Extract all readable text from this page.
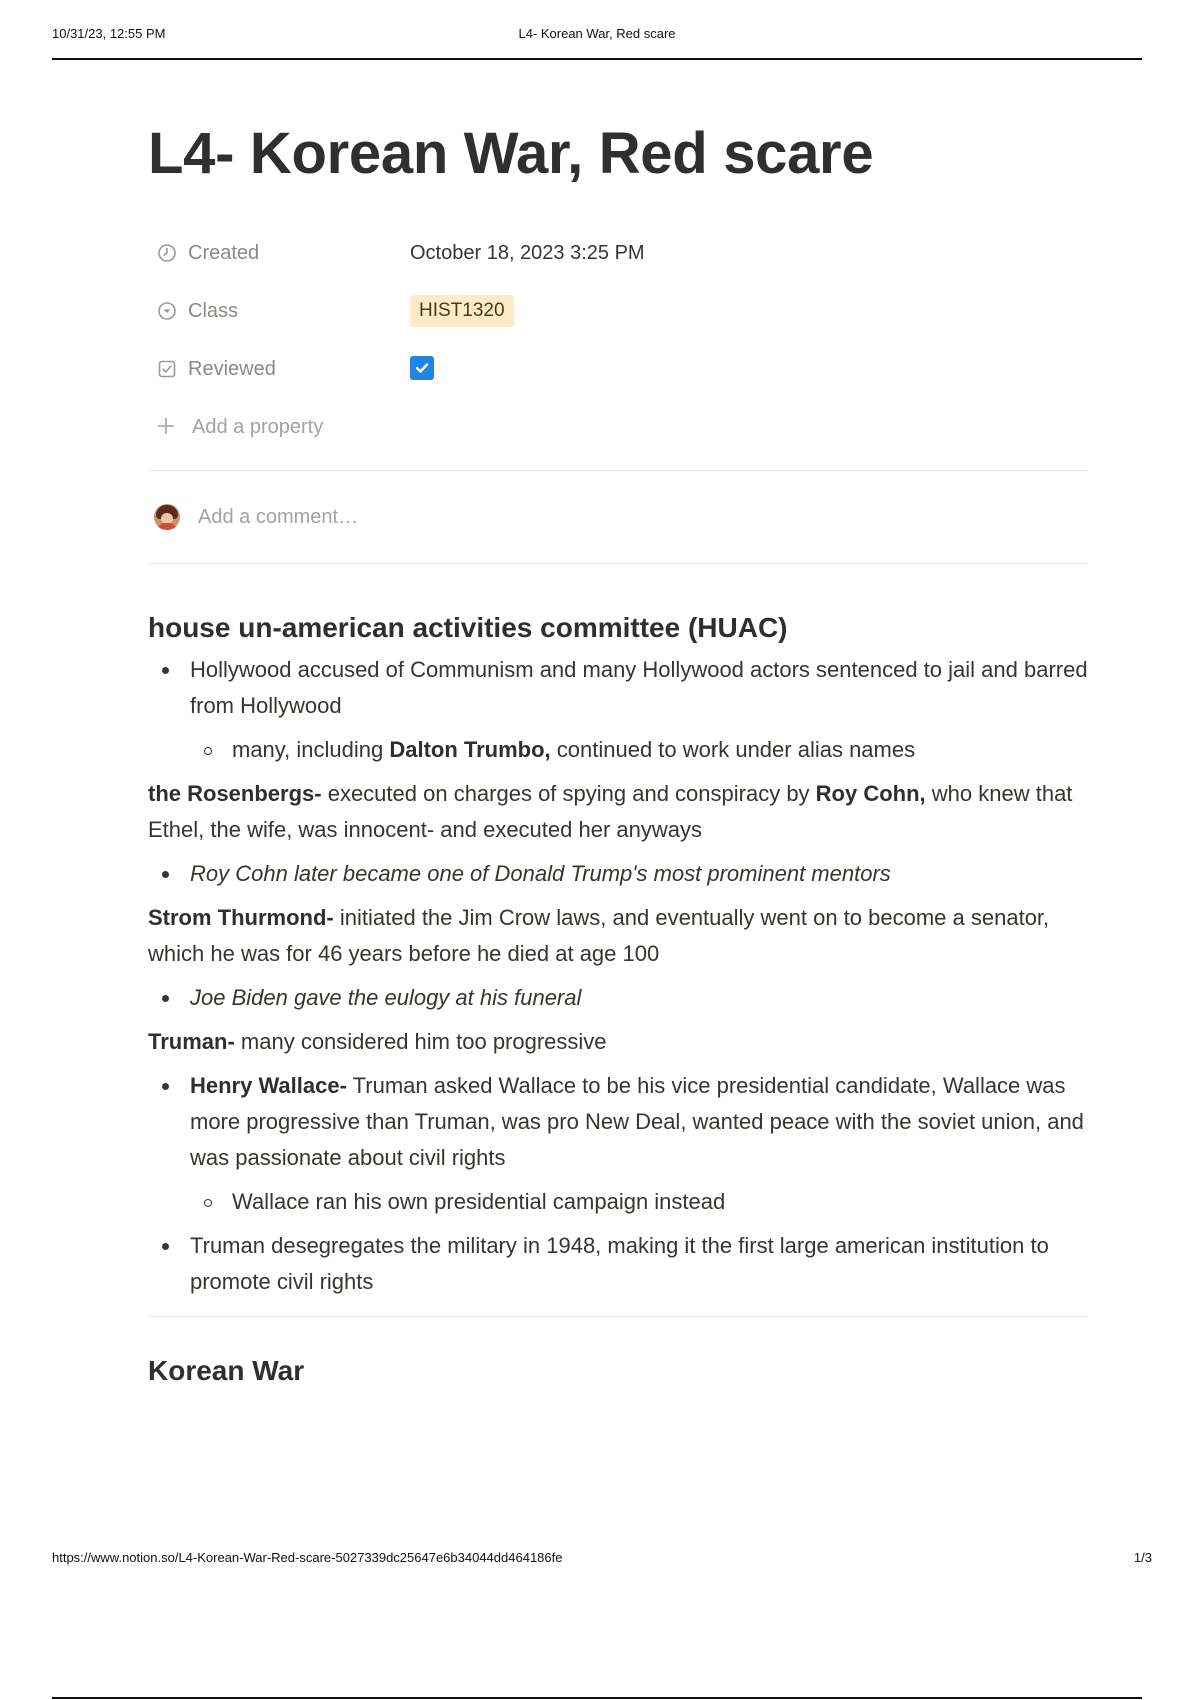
10/31/23, 12:55 PM	L4- Korean War, Red scare
L4- Korean War, Red scare
Created	October 18, 2023 3:25 PM
Class	HIST1320
Reviewed
Add a property
Add a comment…
house un-american activities committee (HUAC)
Hollywood accused of Communism and many Hollywood actors sentenced to jail and barred from Hollywood
many, including Dalton Trumbo, continued to work under alias names

the Rosenbergs- executed on charges of spying and conspiracy by Roy Cohn, who knew that Ethel, the wife, was innocent- and executed her anyways

Roy Cohn later became one of Donald Trump's most prominent mentors

Strom Thurmond- initiated the Jim Crow laws, and eventually went on to become a senator, which he was for 46 years before he died at age 100

Joe Biden gave the eulogy at his funeral

Truman- many considered him too progressive

Henry Wallace- Truman asked Wallace to be his vice presidential candidate, Wallace was more progressive than Truman, was pro New Deal, wanted peace with the soviet union, and was passionate about civil rights
Wallace ran his own presidential campaign instead
Truman desegregates the military in 1948, making it the first large american institution to promote civil rights
Korean War
https://www.notion.so/L4-Korean-War-Red-scare-5027339dc25647e6b34044dd464186fe	1/3
